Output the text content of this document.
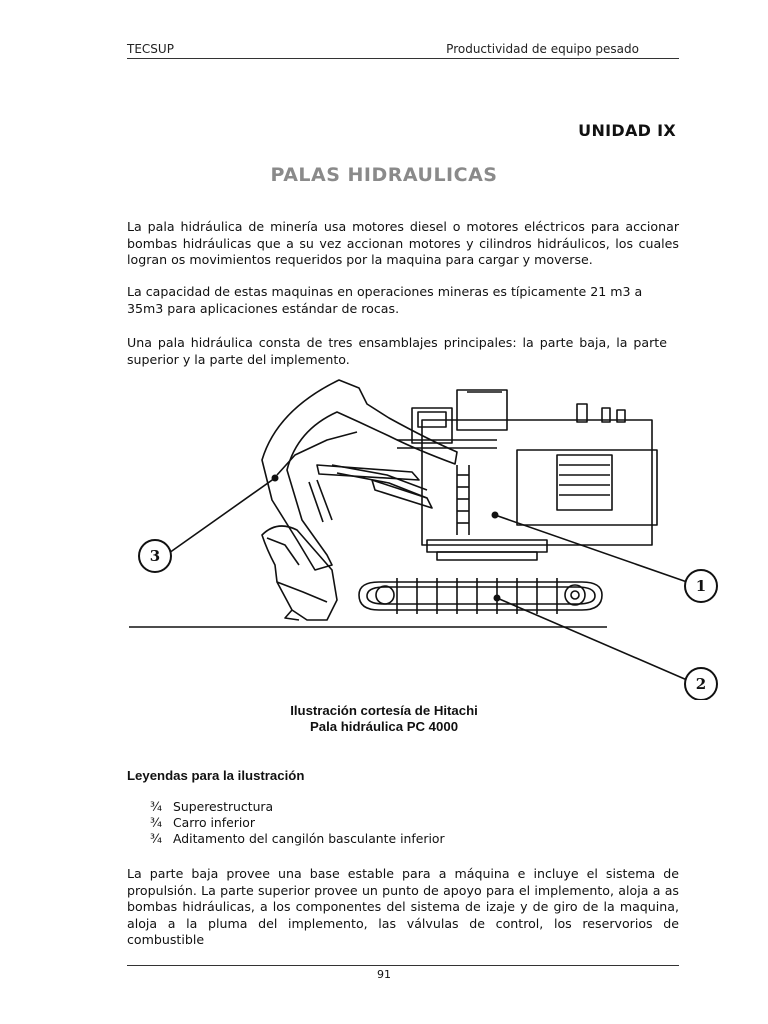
TECSUP	Productividad de equipo pesado
UNIDAD IX
PALAS HIDRAULICAS

La pala hidráulica de minería usa motores diesel o motores eléctricos para accionar bombas hidráulicas que a su vez accionan motores y cilindros hidráulicos, los cuales logran os movimientos requeridos por la maquina para cargar y moverse.

La capacidad de estas maquinas en operaciones mineras es típicamente 21 m3 a 35m3 para aplicaciones estándar de rocas.

Una pala hidráulica consta de tres ensamblajes principales: la parte baja, la parte superior y la parte del implemento.

3
1
2
Ilustración cortesía de Hitachi
Pala hidráulica PC 4000
Leyendas para la ilustración
¾ Superestructura
¾ Carro inferior
¾ Aditamento del cangilón basculante inferior

La parte baja provee una base estable para a máquina e incluye el sistema de propulsión. La parte superior provee un punto de apoyo para el implemento, aloja a as bombas hidráulicas, a los componentes del sistema de izaje y de giro de la maquina, aloja a la pluma del implemento, las válvulas de control, los reservorios de combustible

91
